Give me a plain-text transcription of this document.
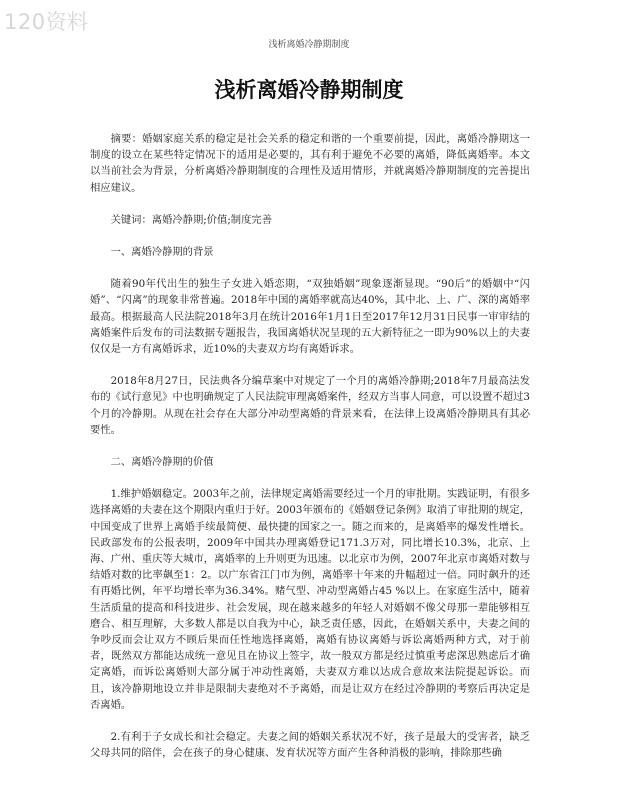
120资料
浅析离婚冷静期制度
浅析离婚冷静期制度

摘要：婚姻家庭关系的稳定是社会关系的稳定和谐的一个重要前提，因此，离婚冷静期这一制度的设立在某些特定情况下的适用是必要的，其有利于避免不必要的离婚，降低离婚率。本文以当前社会为背景，分析离婚冷静期制度的合理性及适用情形，并就离婚冷静期制度的完善提出相应建议。

关键词：离婚冷静期;价值;制度完善

一、离婚冷静期的背景

随着90年代出生的独生子女进入婚恋期，“双独婚姻”现象逐渐显现。“90后”的婚姻中“闪婚”、“闪离”的现象非常普遍。2018年中国的离婚率就高达40%，其中北、上、广、深的离婚率最高。根据最高人民法院2018年3月在统计2016年1月1日至2017年12月31日民事一审审结的离婚案件后发布的司法数据专题报告，我国离婚状况呈现的五大新特征之一即为90%以上的夫妻仅仅是一方有离婚诉求，近10%的夫妻双方均有离婚诉求。

2018年8月27日，民法典各分编草案中对规定了一个月的离婚冷静期;2018年7月最高法发布的《试行意见》中也明确规定了人民法院审理离婚案件，经双方当事人同意，可以设置不超过3个月的冷静期。从现在社会存在大部分冲动型离婚的背景来看，在法律上设离婚冷静期具有其必要性。

二、离婚冷静期的价值

1.维护婚姻稳定。2003年之前，法律规定离婚需要经过一个月的审批期。实践证明，有很多选择离婚的夫妻在这个期限内重归于好。2003年颁布的《婚姻登记条例》取消了审批期的规定，中国变成了世界上离婚手续最简便、最快捷的国家之一。随之而来的，是离婚率的爆发性增长。民政部发布的公报表明，2009年中国共办理离婚登记171.3万对，同比增长10.3%，北京、上海、广州、重庆等大城市，离婚率的上升则更为迅速。以北京市为例，2007年北京市离婚对数与结婚对数的比率飙至1：2。以广东省江门市为例，离婚率十年来的升幅超过一倍。同时飙升的还有再婚比例，年平均增长率为36.34%。赌气型、冲动型离婚占45 %以上。在家庭生活中，随着生活质量的提高和科技进步、社会发展，现在越来越多的年轻人对婚姻不像父母那一辈能够相互磨合、相互理解，大多数人都是以自我为中心，缺乏责任感，因此，在婚姻关系中，夫妻之间的争吵反而会让双方不顾后果而任性地选择离婚，离婚有协议离婚与诉讼离婚两种方式，对于前者，既然双方都能达成统一意见且在协议上签字，故一般双方都是经过慎重考虑深思熟虑后才确定离婚，而诉讼离婚则大部分属于冲动性离婚，夫妻双方难以达成合意故来法院提起诉讼。而且，该冷静期地设立并非是限制夫妻绝对不予离婚，而是让双方在经过冷静期的考察后再决定是否离婚。

2.有利于子女成长和社会稳定。夫妻之间的婚姻关系状况不好，孩子是最大的受害者，缺乏父母共同的陪伴，会在孩子的身心健康、发育状况等方面产生各种消极的影响，排除那些确
